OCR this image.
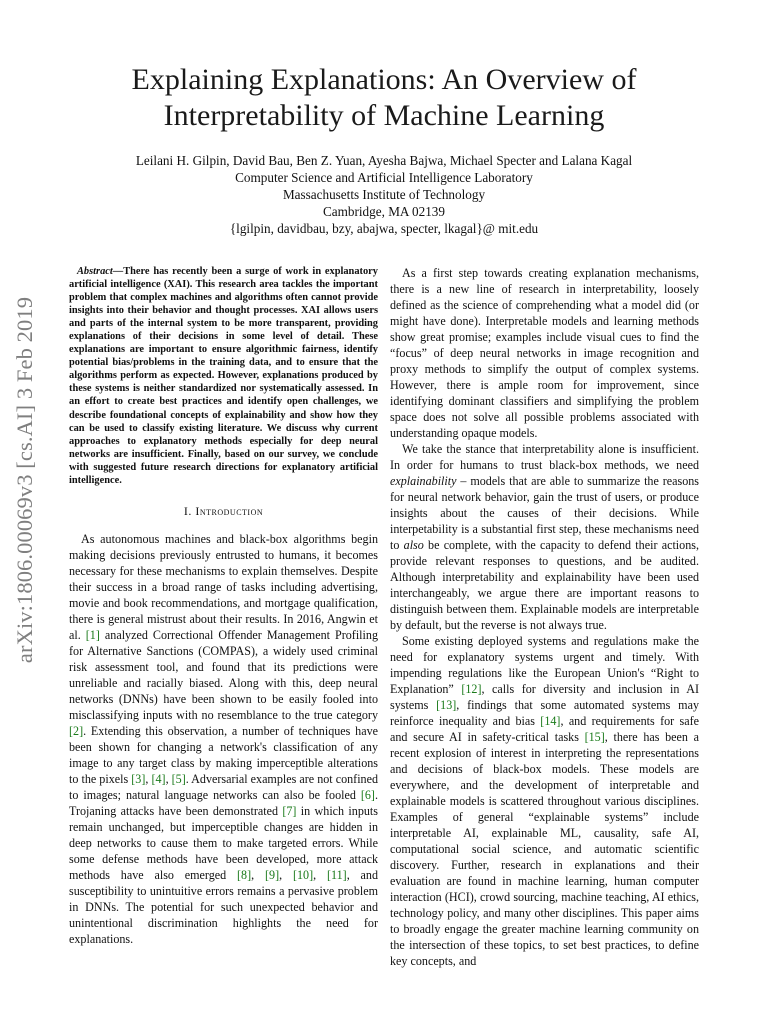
Explaining Explanations: An Overview of
Interpretability of Machine Learning
Leilani H. Gilpin, David Bau, Ben Z. Yuan, Ayesha Bajwa, Michael Specter and Lalana Kagal
Computer Science and Artificial Intelligence Laboratory
Massachusetts Institute of Technology
Cambridge, MA 02139
{lgilpin, davidbau, bzy, abajwa, specter, lkagal}@ mit.edu
arXiv:1806.00069v3 [cs.AI] 3 Feb 2019

Abstract—There has recently been a surge of work in explanatory artificial intelligence (XAI). This research area tackles the important problem that complex machines and algorithms often cannot provide insights into their behavior and thought processes. XAI allows users and parts of the internal system to be more transparent, providing explanations of their decisions in some level of detail. These explanations are important to ensure algorithmic fairness, identify potential bias/problems in the training data, and to ensure that the algorithms perform as expected. However, explanations produced by these systems is neither standardized nor systematically assessed. In an effort to create best practices and identify open challenges, we describe foundational concepts of explainability and show how they can be used to classify existing literature. We discuss why current approaches to explanatory methods especially for deep neural networks are insufficient. Finally, based on our survey, we conclude with suggested future research directions for explanatory artificial intelligence.

I. Introduction

As autonomous machines and black-box algorithms begin making decisions previously entrusted to humans, it becomes necessary for these mechanisms to explain themselves. Despite their success in a broad range of tasks including advertising, movie and book recommendations, and mortgage qualification, there is general mistrust about their results. In 2016, Angwin et al. [1] analyzed Correctional Offender Management Profiling for Alternative Sanctions (COMPAS), a widely used criminal risk assessment tool, and found that its predictions were unreliable and racially biased. Along with this, deep neural networks (DNNs) have been shown to be easily fooled into misclassifying inputs with no resemblance to the true category [2]. Extending this observation, a number of techniques have been shown for changing a network's classification of any image to any target class by making imperceptible alterations to the pixels [3], [4], [5]. Adversarial examples are not confined to images; natural language networks can also be fooled [6]. Trojaning attacks have been demonstrated [7] in which inputs remain unchanged, but imperceptible changes are hidden in deep networks to cause them to make targeted errors. While some defense methods have been developed, more attack methods have also emerged [8], [9], [10], [11], and susceptibility to unintuitive errors remains a pervasive problem in DNNs. The potential for such unexpected behavior and unintentional discrimination highlights the need for explanations.

As a first step towards creating explanation mechanisms, there is a new line of research in interpretability, loosely defined as the science of comprehending what a model did (or might have done). Interpretable models and learning methods show great promise; examples include visual cues to find the “focus” of deep neural networks in image recognition and proxy methods to simplify the output of complex systems. However, there is ample room for improvement, since identifying dominant classifiers and simplifying the problem space does not solve all possible problems associated with understanding opaque models.

We take the stance that interpretability alone is insufficient. In order for humans to trust black-box methods, we need explainability – models that are able to summarize the reasons for neural network behavior, gain the trust of users, or produce insights about the causes of their decisions. While interpetability is a substantial first step, these mechanisms need to also be complete, with the capacity to defend their actions, provide relevant responses to questions, and be audited. Although interpretability and explainability have been used interchangeably, we argue there are important reasons to distinguish between them. Explainable models are interpretable by default, but the reverse is not always true.

Some existing deployed systems and regulations make the need for explanatory systems urgent and timely. With impending regulations like the European Union's “Right to Explanation” [12], calls for diversity and inclusion in AI systems [13], findings that some automated systems may reinforce inequality and bias [14], and requirements for safe and secure AI in safety-critical tasks [15], there has been a recent explosion of interest in interpreting the representations and decisions of black-box models. These models are everywhere, and the development of interpretable and explainable models is scattered throughout various disciplines. Examples of general “explainable systems” include interpretable AI, explainable ML, causality, safe AI, computational social science, and automatic scientific discovery. Further, research in explanations and their evaluation are found in machine learning, human computer interaction (HCI), crowd sourcing, machine teaching, AI ethics, technology policy, and many other disciplines. This paper aims to broadly engage the greater machine learning community on the intersection of these topics, to set best practices, to define key concepts, and
